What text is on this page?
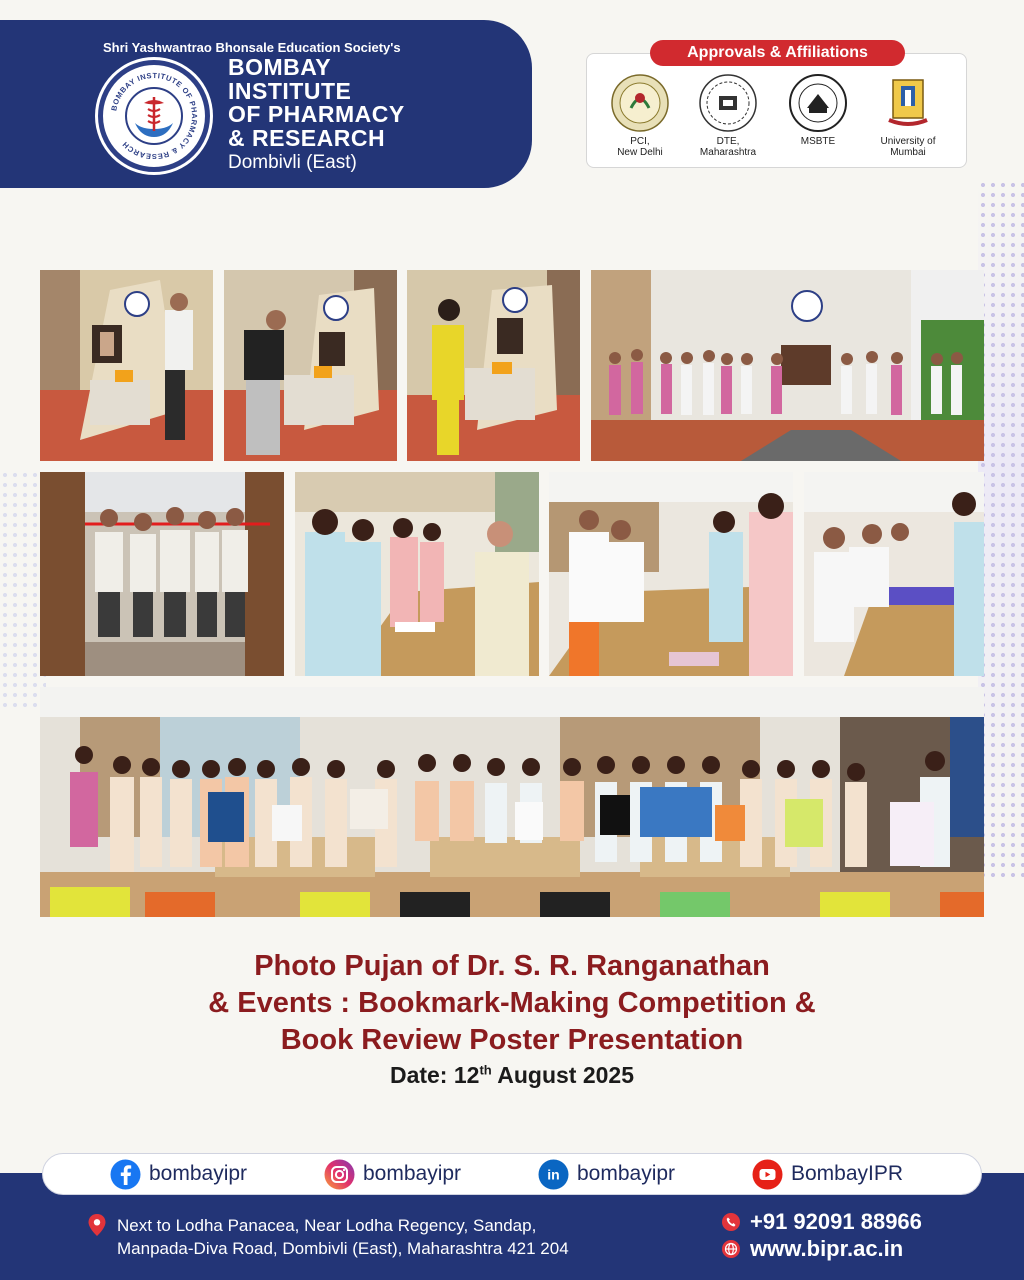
Shri Yashwantrao Bhonsale Education Society's
BOMBAY INSTITUTE OF PHARMACY & RESEARCH
BOMBAY
INSTITUTE
OF PHARMACY
& RESEARCH
Dombivli (East)
Approvals & Affiliations
PCI,
New Delhi
DTE,
Maharashtra
MSBTE	University of
Mumbai
Photo Pujan of Dr. S. R. Ranganathan
& Events : Bookmark-Making Competition &
Book Review Poster Presentation
Date: 12th August 2025
bombayipr	bombayipr	in bombayipr	BombayIPR
Next to Lodha Panacea, Near Lodha Regency, Sandap,
Manpada-Diva Road, Dombivli (East), Maharashtra 421 204
+91 92091 88966
www.bipr.ac.in
